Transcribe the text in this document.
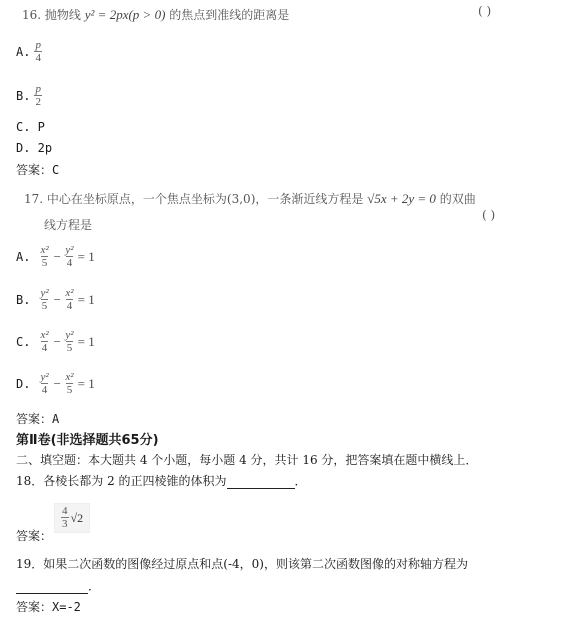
16. 抛物线 y² = 2px(p > 0) 的焦点到准线的距离是	( )
A. $\frac{p}{4}$
B. $\frac{p}{2}$
C. P
D. 2p
答案：C
17. 中心在坐标原点，一个焦点坐标为(3,0)，一条渐近线方程是 √5x + 2y = 0 的双曲
线方程是
( )
A. $\frac{\text{x²}}{5} - \frac{\text{y²}}{4} = 1$
B. $\frac{\text{y²}}{5} - \frac{\text{x²}}{4} = 1$
C. $\frac{\text{x²}}{4} - \frac{\text{y²}}{5} = 1$
D. $\frac{\text{y²}}{4} - \frac{\text{x²}}{5} = 1$
答案：A
第Ⅱ卷(非选择题共65分)
二、填空题：本大题共 4 个小题，每小题 4 分，共计 16 分，把答案填在题中横线上．
18．各棱长都为 2 的正四棱锥的体积为	．
答案：
$\frac{4}{3} √2$
19．如果二次函数的图像经过原点和点(-4，0)，则该第二次函数图像的对称轴方程为
．
答案：X=-2
